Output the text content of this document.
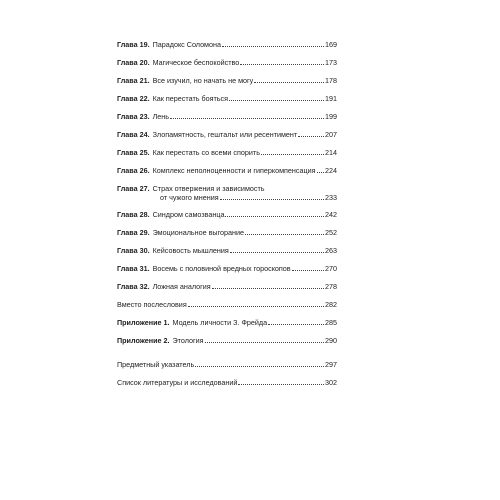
Глава 19. Парадокс Соломона	169
Глава 20. Магическое беспокойство	173
Глава 21. Все изучил, но начать не могу	178
Глава 22. Как перестать бояться	191
Глава 23. Лень	199
Глава 24. Злопамятность, гештальт или ресентимент	207
Глава 25. Как перестать со всеми спорить	214
Глава 26. Комплекс неполноценности и гиперкомпенсация 224
Глава 27. Страх отвержения и зависимость
от чужого мнения	233
Глава 28. Синдром самозванца	242
Глава 29. Эмоциональное выгорание	252
Глава 30. Кейсовость мышления	263
Глава 31. Восемь с половиной вредных гороскопов	270
Глава 32. Ложная аналогия	278
Вместо послесловия	282
Приложение 1. Модель личности З. Фрейда	285
Приложение 2. Этология	290
Предметный указатель	297
Список литературы и исследований	302
